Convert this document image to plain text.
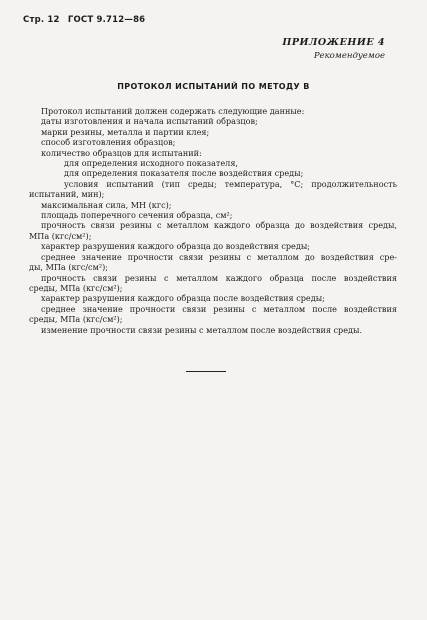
Стр. 12 ГОСТ 9.712—86
ПРИЛОЖЕНИЕ 4
Рекомендуемое
ПРОТОКОЛ ИСПЫТАНИЙ ПО МЕТОДУ В
Протокол испытаний должен содержать следующие данные:
даты изготовления и начала испытаний образцов;
марки резины, металла и партии клея;
способ изготовления образцов;
количество образцов для испытаний:
для определения исходного показателя,
для определения показателя после воздействия среды;
условия испытаний (тип среды; температура, °С; продолжительность
испытаний, мин);
максимальная сила, МН (кгс);
площадь поперечного сечения образца, см²;
прочность связи резины с металлом каждого образца до воздействия среды,
МПа (кгс/см²);
характер разрушения каждого образца до воздействия среды;
среднее значение прочности связи резины с металлом до воздействия сре-
ды, МПа (кгс/см²);
прочность связи резины с металлом каждого образца после воздействия
среды, МПа (кгс/см²);
характер разрушения каждого образца после воздействия среды;
среднее значение прочности связи резины с металлом после воздействия
среды, МПа (кгс/см²);
изменение прочности связи резины с металлом после воздействия среды.
